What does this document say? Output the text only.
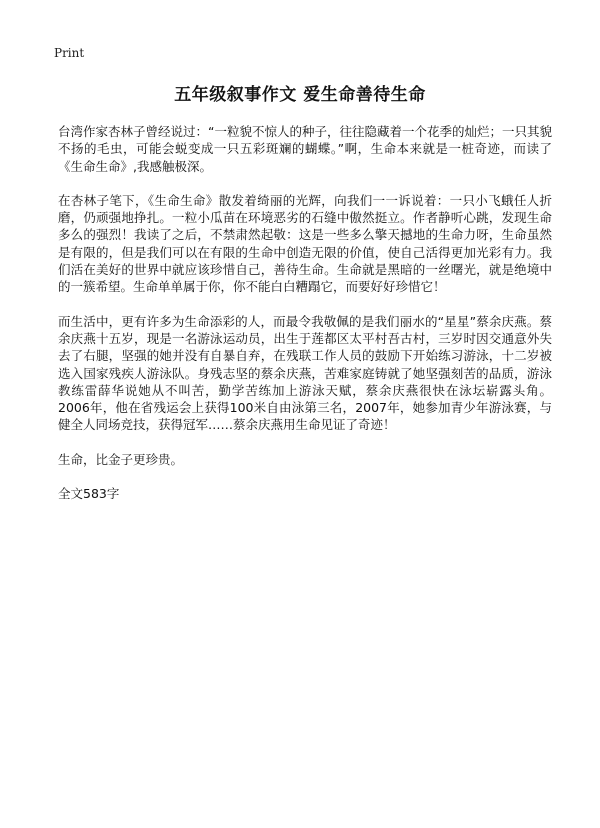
Print
五年级叙事作文 爱生命善待生命

台湾作家杏林子曾经说过：“一粒貌不惊人的种子，往往隐藏着一个花季的灿烂；一只其貌不扬的毛虫，可能会蜕变成一只五彩斑斓的蝴蝶。”啊，生命本来就是一桩奇迹，而读了《生命生命》,我感触极深。

在杏林子笔下，《生命生命》散发着绮丽的光辉，向我们一一诉说着：一只小飞蛾任人折磨，仍顽强地挣扎。一粒小瓜苗在环境恶劣的石缝中傲然挺立。作者静听心跳，发现生命多么的强烈！我读了之后，不禁肃然起敬：这是一些多么擎天撼地的生命力呀，生命虽然是有限的，但是我们可以在有限的生命中创造无限的价值，使自己活得更加光彩有力。我们活在美好的世界中就应该珍惜自己，善待生命。生命就是黑暗的一丝曙光，就是绝境中的一簇希望。生命单单属于你，你不能白白糟蹋它，而要好好珍惜它！

而生活中，更有许多为生命添彩的人，而最令我敬佩的是我们丽水的“星星”蔡余庆燕。蔡余庆燕十五岁，现是一名游泳运动员，出生于莲都区太平村吾古村，三岁时因交通意外失去了右腿，坚强的她并没有自暴自弃，在残联工作人员的鼓励下开始练习游泳，十二岁被选入国家残疾人游泳队。身残志坚的蔡余庆燕，苦难家庭铸就了她坚强刻苦的品质，游泳教练雷薛华说她从不叫苦，勤学苦练加上游泳天赋，蔡余庆燕很快在泳坛崭露头角。2006年，他在省残运会上获得100米自由泳第三名，2007年，她参加青少年游泳赛，与健全人同场竞技，获得冠军……蔡余庆燕用生命见证了奇迹！

生命，比金子更珍贵。

全文583字
